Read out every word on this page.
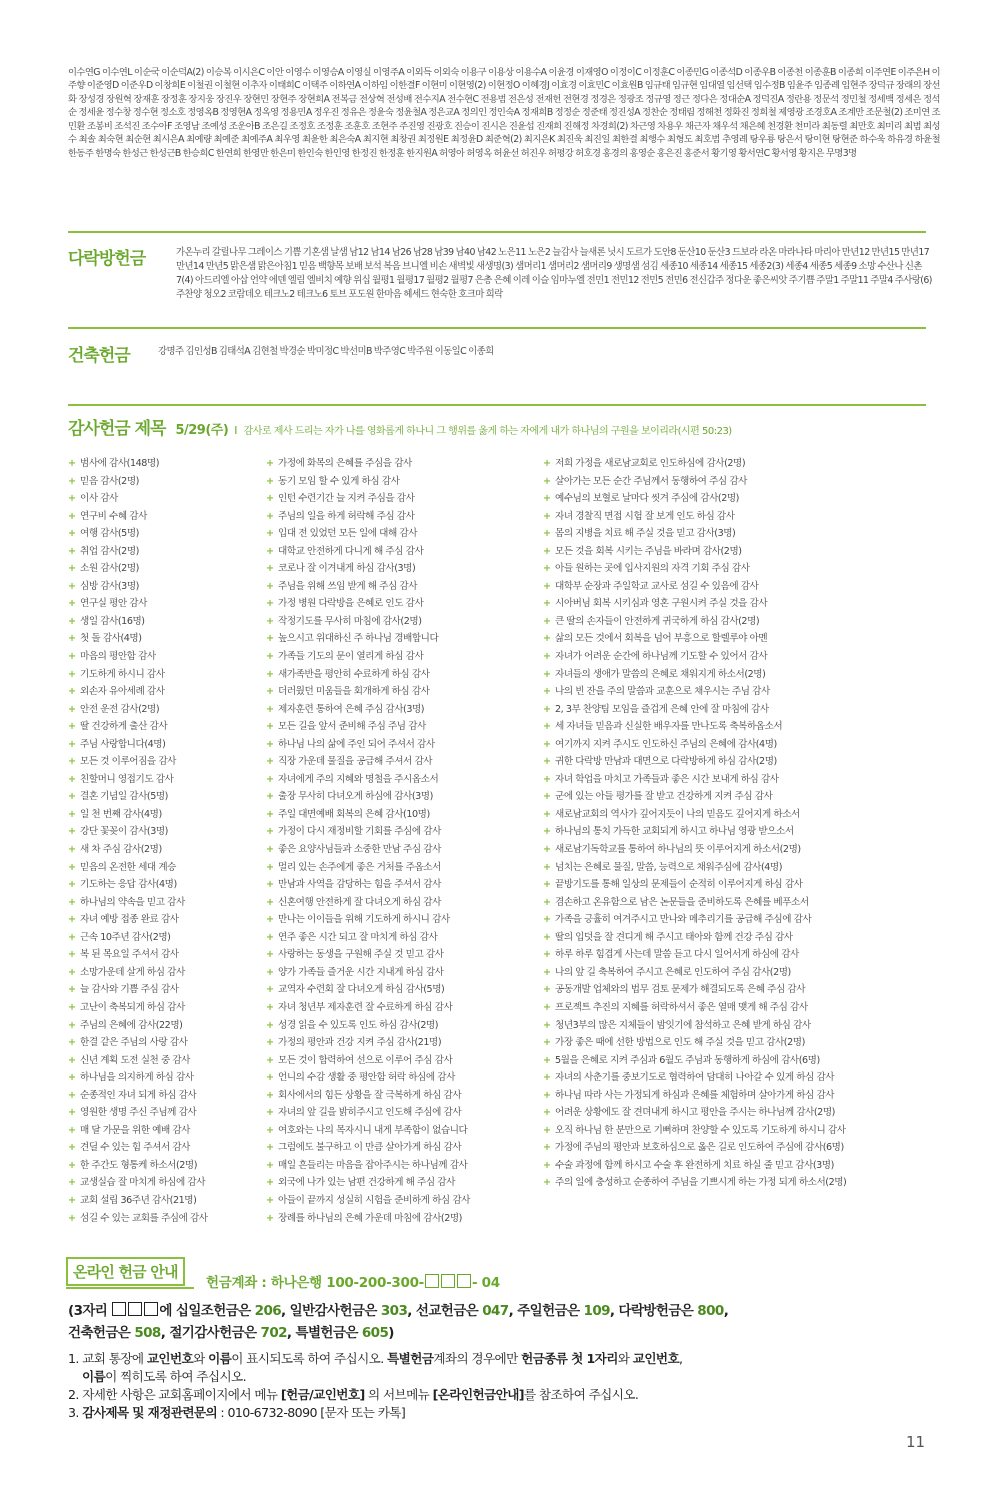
이수연G 이수연L 이순국 이순덕A(2) 이승복 이시은C 이안 이영수 이영승A 이영실 이영주A 이외득 이외숙 이용구 이용상 이용수A 이윤경 이재영O 이정이C 이정훈C 이종민G 이종석D 이종우B 이종천 이종훈B 이종희 이주연E 이주은H 이주향 이준영D 이준우D 이창희E 이철권 이철현 이추자 이태희C 이택주 이하연A 이하임 이한결F 이현미 이현영(2) 이현정O 이혜경J 이효경 이효민C 이효원B 임규태 임규현 임대열 임선택 임수정B 임윤주 임종례 임현주 장덕규 장래의 장선화 장성경 장원혁 장재훈 장정훈 장지웅 장진우 장현민 장현주 장현희A 전복금 전상혁 전성배 전수지A 전수현C 전용범 전은성 전재헌 전현경 정경은 정광조 정규영 정근 정다은 정대순A 정덕진A 정란용 정문석 정민철 정세백 정세은 정석순 정세윤 정수창 정수현 정소호 정영옥B 정영현A 정옥영 정용민A 정우진 정유은 정윤숙 정윤철A 정은교A 정의인 정인숙A 정재희B 정정순 정준태 정진성A 정찬순 정태림 정해천 정화진 정희철 제영광 조경호A 조계만 조문철(2) 조미연 조민환 조봉비 조석진 조수아F 조영남 조예성 조운아B 조은길 조정호 조정훈 조훈호 조현주 주진영 진광호 진승이 진시은 진윤섭 진재희 진해정 차경희(2) 차근영 차용우 채근자 채우석 채은혜 천경환 천미라 최동렬 최만호 최미리 최범 최성수 최솔 최숙현 최순현 최시은A 최예량 최예준 최예주A 최우영 최윤한 최은숙A 최지현 최창권 최정원E 최정윤D 최준혁(2) 최지은K 최진욱 최진일 최한결 최행수 최형도 최호범 추영례 탕우룡 탕은서 탕이현 탕현준 하수욱 하유경 하윤철 한동주 한명숙 한성근 한성근B 한승희C 한연희 한영만 한은미 한인숙 한인영 한정진 한정훈 한지원A 허영아 허영옥 허윤선 허진우 허평강 허호경 홍경의 홍영순 홍은진 홍준서 황기영 황서연C 황서영 황지은 무명3명
다락방헌금	가온누리 갈릴나무 그레이스 기쁨 기혼샘 날샘 남12 남14 남26 남28 남39 남40 남42 노은11 노은2 늘감사 늘새론 닛시 도르가 도안8 둔산10 둔산3 드보라 라온 마라나타 마리아 만년12 만년15 만년17 만년14 만년5 맑은샘 맑은아침1 믿음 백향목 보배 보석 복음 브니엘 비손 새벽빛 새생명(3) 샘머리1 샘머리2 샘머리9 생명샘 섬김 세종10 세종14 세종15 세종2(3) 세종4 세종5 세종9 소망 수산나 신촌7(4) 아드리엘 아삽 언약 에덴 엘림 엘비치 예향 위십 월평1 월평17 월평2 월평7 은총 은혜 이레 이슬 임마누엘 전민1 전민12 전민5 전민6 전신갑주 정다운 좋은씨앗 주기쁨 주말1 주말11 주말4 주사랑(6) 주찬양 청오2 코람데오 테크노2 테크노6 토브 포도원 한마음 헤세드 현숙한 호크마 희락
건축헌금	강명주 김인성B 김태석A 김현철 박경순 박미정C 박선미B 박주영C 박주원 이동일C 이종희
감사헌금 제목 5/29(주) I 감사로 제사 드리는 자가 나를 영화롭게 하나니 그 행위를 옳게 하는 자에게 내가 하나님의 구원을 보이리라(시편 50:23)
+ 범사에 감사(148명)
+ 믿음 감사(2명)
+ 이사 감사
+ 연구비 수혜 감사
+ 여행 감사(5명)
+ 취업 감사(2명)
+ 소원 감사(2명)
+ 심방 감사(3명)
+ 연구실 평안 감사
+ 생일 감사(16명)
+ 첫 돌 감사(4명)
+ 마음의 평안함 감사
+ 기도하게 하시니 감사
+ 외손자 유아세례 감사
+ 안전 운전 감사(2명)
+ 딸 건강하게 출산 감사
+ 주님 사랑합니다(4명)
+ 모든 것 이루어짐을 감사
+ 친할머니 영접기도 감사
+ 결혼 기념일 감사(5명)
+ 일 천 번째 감사(4명)
+ 강단 꽃꽂이 감사(3명)
+ 새 차 주심 감사(2명)
+ 믿음의 온전한 세대 계승
+ 기도하는 응답 감사(4명)
+ 하나님의 약속을 믿고 감사
+ 자녀 예방 접종 완료 감사
+ 근속 10주년 감사(2명)
+ 복 된 목요일 주셔서 감사
+ 소망가운데 살게 하심 감사
+ 늘 감사와 기쁨 주심 감사
+ 고난이 축복되게 하심 감사
+ 주님의 은혜에 감사(22명)
+ 한결 같은 주님의 사랑 감사
+ 신년 계획 도전 실천 중 감사
+ 하나님을 의지하게 하심 감사
+ 순종적인 자녀 되게 하심 감사
+ 영원한 생명 주신 주님께 감사
+ 매 달 가문을 위한 예배 감사
+ 견딜 수 있는 힘 주셔서 감사
+ 한 주간도 형통케 하소서(2명)
+ 교생실습 잘 마치게 하심에 감사
+ 교회 설립 36주년 감사(21명)
+ 섬길 수 있는 교회를 주심에 감사
+ 가정에 화목의 은혜를 주심을 감사
+ 동기 모임 할 수 있게 하심 감사
+ 인턴 수련기간 늘 지켜 주심을 감사
+ 주님의 일을 하게 허락해 주심 감사
+ 입대 전 있었던 모든 일에 대해 감사
+ 대학교 안전하게 다니게 해 주심 감사
+ 코로나 잘 이겨내게 하심 감사(3명)
+ 주님을 위해 쓰임 받게 해 주심 감사
+ 가정 병원 다락방을 은혜로 인도 감사
+ 작정기도를 무사히 마침에 감사(2명)
+ 높으시고 위대하신 주 하나님 경배합니다
+ 가족들 기도의 문이 열리게 하심 감사
+ 새가족반을 평안히 수료하게 하심 감사
+ 더러웠던 미움들을 회개하게 하심 감사
+ 제자훈련 통하여 은혜 주심 감사(3명)
+ 모든 길을 앞서 준비해 주심 주님 감사
+ 하나님 나의 삶에 주인 되어 주셔서 감사
+ 직장 가운데 물질을 공급해 주셔서 감사
+ 자녀에게 주의 지혜와 명철을 주시옵소서
+ 출장 무사히 다녀오게 하심에 감사(3명)
+ 주일 대면예배 회복의 은혜 감사(10명)
+ 가정이 다시 재정비할 기회를 주심에 감사
+ 좋은 요양사님들과 소중한 만남 주심 감사
+ 멀리 있는 손주에게 좋은 거처를 주옵소서
+ 만남과 사역을 감당하는 힘을 주셔서 감사
+ 신혼여행 안전하게 잘 다녀오게 하심 감사
+ 만나는 이이들을 위해 기도하게 하시니 감사
+ 연주 좋은 시간 되고 잘 마치게 하심 감사
+ 사랑하는 동생을 구원해 주실 것 믿고 감사
+ 양가 가족들 즐거운 시간 지내게 하심 감사
+ 교역자 수련회 잘 다녀오게 하심 감사(5명)
+ 자녀 청년부 제자훈련 잘 수료하게 하심 감사
+ 성경 읽을 수 있도록 인도 하심 감사(2명)
+ 가정의 평안과 건강 지켜 주심 감사(21명)
+ 모든 것이 합력하여 선으로 이루어 주심 감사
+ 언니의 수감 생활 중 평안함 허락 하심에 감사
+ 회사에서의 힘든 상황을 잘 극복하게 하심 감사
+ 자녀의 앞 길을 밝히주시고 인도해 주심에 감사
+ 여호와는 나의 목자시니 내게 부족함이 없습니다
+ 그럼에도 불구하고 이 만큼 살아가게 하심 감사
+ 매일 흔들리는 마음을 잡아주시는 하나님께 감사
+ 외국에 나가 있는 남편 건강하게 해 주심 감사
+ 아들이 끝까지 성실히 시험을 준비하게 하심 감사
+ 장례를 하나님의 은혜 가운데 마침에 감사(2명)
+ 저희 가정을 새로남교회로 인도하심에 감사(2명)
+ 살아가는 모든 순간 주님께서 동행하여 주심 감사
+ 예수님의 보혈로 날마다 씻겨 주심에 감사(2명)
+ 자녀 경찰직 면접 시험 잘 보게 인도 하심 감사
+ 몸의 지병을 치료 해 주실 것을 믿고 감사(3명)
+ 모든 것을 회복 시키는 주님을 바라며 감사(2명)
+ 아들 원하는 곳에 입사지원의 자격 기회 주심 감사
+ 대학부 순장과 주일학교 교사로 섬길 수 있음에 감사
+ 시아버님 회복 시키심과 영혼 구원시켜 주실 것을 감사
+ 큰 딸의 손자들이 안전하게 귀국하게 하심 감사(2명)
+ 삶의 모든 것에서 회복을 넘어 부흥으로 할렐루야 아멘
+ 자녀가 어려운 순간에 하나님께 기도할 수 있어서 감사
+ 자녀들의 생애가 말씀의 은혜로 채워지게 하소서(2명)
+ 나의 빈 잔을 주의 말씀과 교훈으로 채우시는 주님 감사
+ 2, 3부 찬양팀 모임을 즐겁게 은혜 안에 잘 마침에 감사
+ 세 자녀들 믿음과 신실한 배우자를 만나도록 축복하옵소서
+ 여기까지 지켜 주시도 인도하신 주님의 은혜에 감사(4명)
+ 귀한 다락방 만남과 대면으로 다락방하게 하심 감사(2명)
+ 자녀 학업을 마치고 가족들과 좋은 시간 보내게 하심 감사
+ 군에 있는 아들 평가를 잘 받고 건강하게 지켜 주심 감사
+ 새로남교회의 역사가 깊어지듯이 나의 믿음도 깊어지게 하소서
+ 하나님의 통치 가득한 교회되게 하시고 하나님 영광 받으소서
+ 새로남기독학교를 통하여 하나님의 뜻 이루어지게 하소서(2명)
+ 넘치는 은혜로 물질, 말씀, 능력으로 채워주심에 감사(4명)
+ 끝방기도를 통해 일상의 문제들이 순적히 이루어지게 하심 감사
+ 겸손하고 온유함으로 남은 논문들을 준비하도록 은혜를 베푸소서
+ 가족을 긍휼히 여겨주시고 만나와 메추리기를 공급해 주심에 감사
+ 딸의 입덧을 잘 견디게 해 주시고 태아와 함께 건강 주심 감사
+ 하루 하루 힘겹게 사는데 말씀 듣고 다시 일어서게 하심에 감사
+ 나의 앞 길 축복하여 주시고 은혜로 인도하여 주심 감사(2명)
+ 공동개발 업체와의 법무 검토 문제가 해결되도록 은혜 주심 감사
+ 프로젝트 추진의 지혜를 허락하셔서 좋은 열매 맺게 해 주심 감사
+ 청년3부의 많은 지체들이 밤잇기에 참석하고 은혜 받게 하심 감사
+ 가장 좋은 때에 선한 방법으로 인도 해 주실 것을 믿고 감사(2명)
+ 5월을 은혜로 지켜 주심과 6월도 주님과 동행하게 하심에 감사(6명)
+ 자녀의 사춘기를 중보기도로 협력하여 담대히 나아갈 수 있게 하심 감사
+ 하나님 따라 사는 가정되게 하심과 은혜를 체험하며 살아가게 하심 감사
+ 어려운 상황에도 잘 견뎌내게 하시고 평안을 주시는 하나님께 감사(2명)
+ 오직 하나님 한 분만으로 기뻐하며 찬양할 수 있도록 기도하게 하시니 감사
+ 가정에 주님의 평안과 보호하심으로 옳은 길로 인도하여 주심에 감사(6명)
+ 수술 과정에 함께 하시고 수술 후 완전하게 치료 하실 줄 믿고 감사(3명)
+ 주의 일에 충성하고 순종하여 주님을 기쁘시게 하는 가정 되게 하소서(2명)
온라인 헌금 안내
헌금계좌 : 하나은행 100-200-300-	- 04
(3자리	에 십일조헌금은 206, 일반감사헌금은 303, 선교헌금은 047, 주일헌금은 109, 다락방헌금은 800,
건축헌금은 508, 절기감사헌금은 702, 특별헌금은 605)
1. 교회 통장에 교인번호와 이름이 표시되도록 하여 주십시오. 특별헌금계좌의 경우에만 헌금종류 첫 1자리와 교인번호,
이름이 찍히도록 하여 주십시오.
2. 자세한 사항은 교회홈페이지에서 메뉴 [헌금/교인번호] 의 서브메뉴 [온라인헌금안내]를 참조하여 주십시오.
3. 감사제목 및 재정관련문의 : 010-6732-8090 [문자 또는 카톡]
11
